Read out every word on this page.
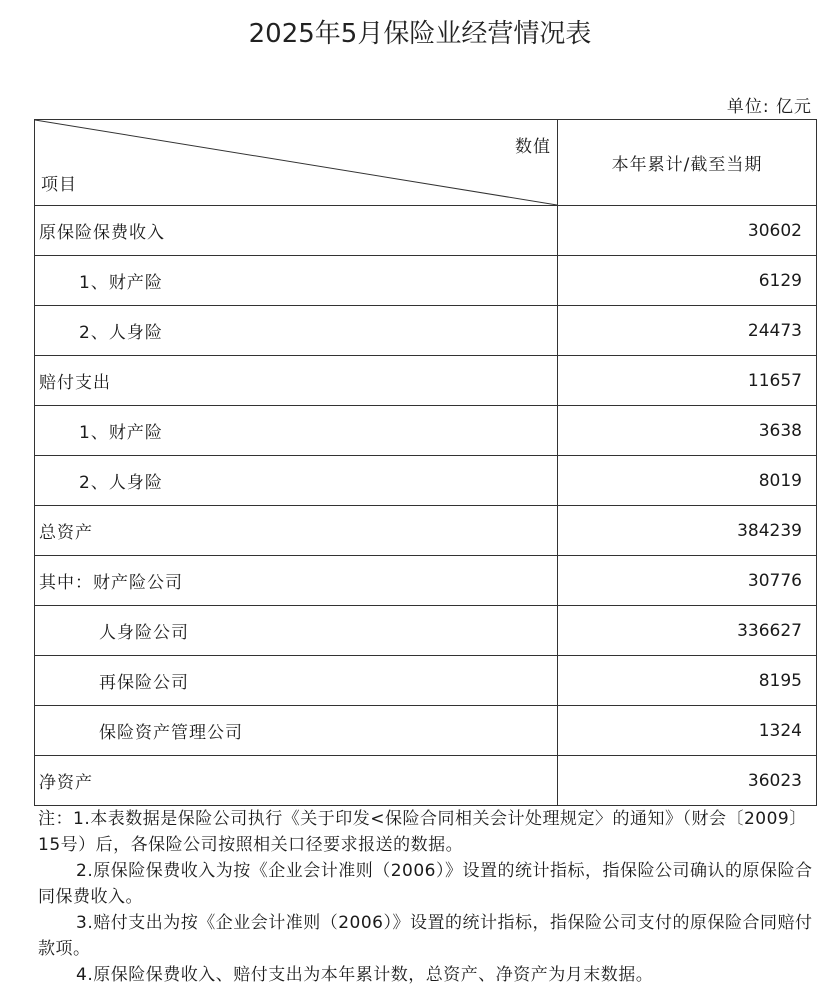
2025年5月保险业经营情况表
单位: 亿元
数值
项目	本年累计/截至当期
原保险保费收入	30602
1、财产险	6129
2、人身险	24473
赔付支出	11657
1、财产险	3638
2、人身险	8019
总资产	384239
其中：财产险公司	30776
人身险公司	336627
再保险公司	8195
保险资产管理公司	1324
净资产	36023

注：1.本表数据是保险公司执行《关于印发<保险合同相关会计处理规定〉的通知》（财会〔2009〕15号）后，各保险公司按照相关口径要求报送的数据。

2.原保险保费收入为按《企业会计准则（2006）》设置的统计指标，指保险公司确认的原保险合同保费收入。

3.赔付支出为按《企业会计准则（2006）》设置的统计指标，指保险公司支付的原保险合同赔付款项。

4.原保险保费收入、赔付支出为本年累计数，总资产、净资产为月末数据。
